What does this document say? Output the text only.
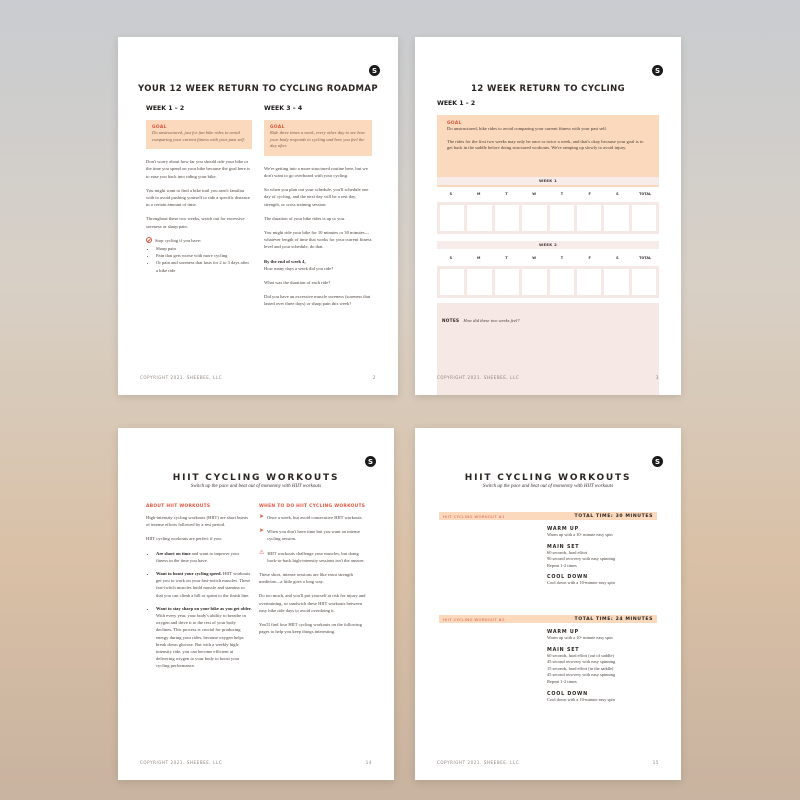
S
YOUR 12 WEEK RETURN TO CYCLING ROADMAP
WEEK 1 – 2
GOAL
Do unstructured, just for fun bike rides to avoid comparing your current fitness with your past self.

Don't worry about how far you should ride your bike or the time you spend on your bike because the goal here is to ease you back into riding your bike.

You might want to find a bike trail you aren't familiar with to avoid pushing yourself to ride a specific distance in a certain amount of time.

Throughout these two weeks, watch out for excessive soreness or sharp pain.

Stop cycling if you have:
• Sharp pain
• Pain that gets worse with more cycling
• Or pain and soreness that lasts for 2 to 3 days after a bike ride
WEEK 3 – 4
GOAL
Ride three times a week, every other day to see how your body responds to cycling and how you feel the day after.

We're getting into a more structured routine here, but we don't want to go overboard with your cycling.

So when you plan out your schedule, you'll schedule one day of cycling, and the next day will be a rest day, strength, or cross training session.

The duration of your bike rides is up to you.

You might ride your bike for 10 minutes or 30 minutes—whatever length of time that works for your current fitness level and your schedule, do that.

By the end of week 4,

How many days a week did you ride?

What was the duration of each ride?

Did you have an excessive muscle soreness (soreness that lasted over three days) or sharp pain this week?

COPYRIGHT 2021. SHEEBEE, LLC	2
S
12 WEEK RETURN TO CYCLING
WEEK 1 – 2
GOAL
Do unstructured, bike rides to avoid comparing your current fitness with your past self.
The rides for the first two weeks may only be once or twice a week, and that's okay because your goal is to get back in the saddle before doing structured workouts. We're ramping up slowly to avoid injury.
WEEK 1
S	M	T	W	T	F	S	TOTAL
WEEK 2
S	M	T	W	T	F	S	TOTAL
NOTES How did these two weeks feel?
COPYRIGHT 2021. SHEEBEE, LLC	3
S
HIIT CYCLING WORKOUTS
Switch up the pace and beat out of monotony with HIIT workouts
ABOUT HIIT WORKOUTS

High-intensity cycling workouts (HIIT) are short bursts of intense efforts followed by a rest period.

HIIT cycling workouts are perfect if you:

• Are short on time and want to improve your fitness in the time you have.
• Want to boost your cycling speed. HIIT workouts get you to work on your fast-twitch muscles. These fast-twitch muscles build muscle and stamina so that you can climb a hill or sprint to the finish line.
• Want to stay sharp on your bike as you get older. With every year, your body's ability to breathe in oxygen and drive it to the rest of your body declines. This process is crucial for producing energy during your rides, because oxygen helps break down glucose. But with a weekly high-intensity ride, you can become efficient at delivering oxygen to your body to boost your cycling performance.
WHEN TO DO HIIT CYCLING WORKOUTS
➤ Once a week, but avoid consecutive HIIT workouts.
➤ When you don't have time but you want an intense cycling session.
⚠ HIIT workouts challenge your muscles, but doing back-to-back high-intensity sessions isn't the answer.

These short, intense sessions are like extra strength medicine—a little goes a long way.

Do too much, and you'll put yourself at risk for injury and overtraining, so sandwich these HIIT workouts between easy bike ride days to avoid overdoing it.

You'll find four HIIT cycling workouts on the following pages to help you keep things interesting.

COPYRIGHT 2021. SHEEBEE, LLC	14
S
HIIT CYCLING WORKOUTS
Switch up the pace and beat out of monotony with HIIT workouts
HIIT CYCLING WORKOUT #1	TOTAL TIME: 30 MINUTES
WARM UP
Warm up with a 10- minute easy spin
MAIN SET
60 seconds, hard effort
90 second recovery with easy spinning
Repeat 1-2 times
COOL DOWN
Cool down with a 10-minute easy spin
HIIT CYCLING WORKOUT #2	TOTAL TIME: 24 MINUTES
WARM UP
Warm up with a 10- minute easy spin
MAIN SET
60 seconds, hard effort (out of saddle)
45 second recovery with easy spinning
15 seconds, hard effort (in the saddle)
45 second recovery with easy spinning
Repeat 1-2 times
COOL DOWN
Cool down with a 10-minute easy spin
COPYRIGHT 2021. SHEEBEE, LLC	15
